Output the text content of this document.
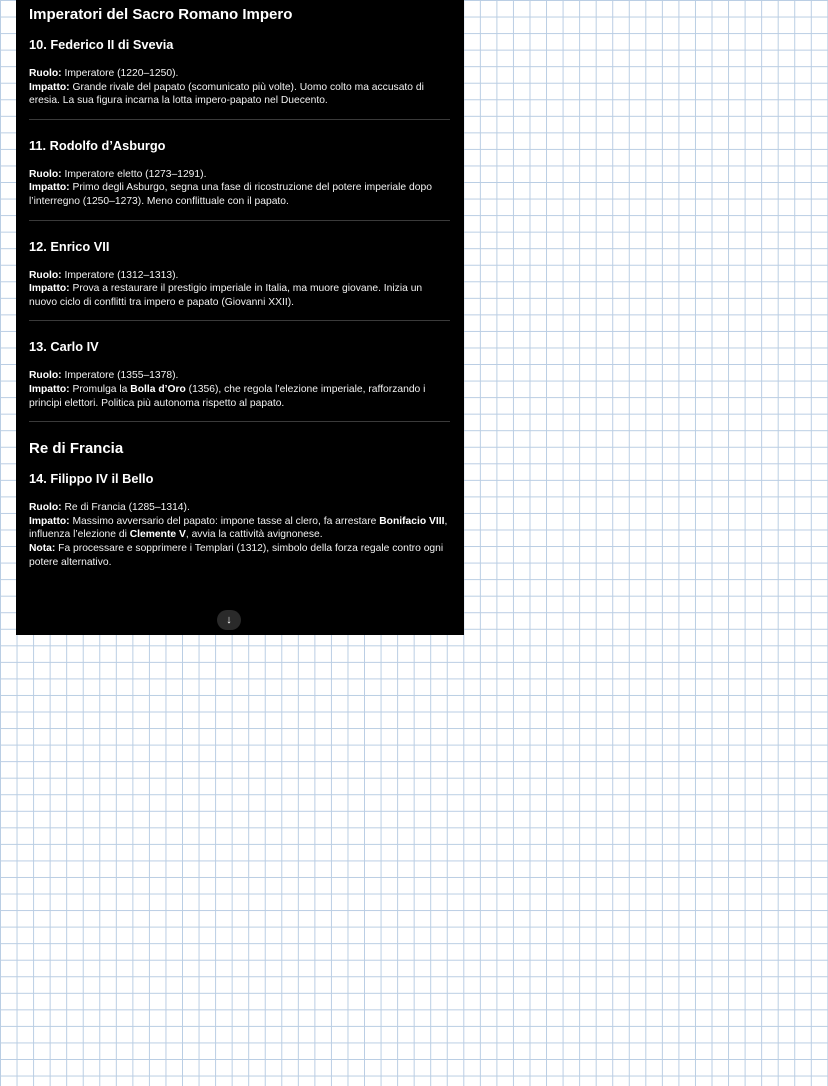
Imperatori del Sacro Romano Impero
10. Federico II di Svevia
Ruolo: Imperatore (1220–1250).
Impatto: Grande rivale del papato (scomunicato più volte). Uomo colto ma accusato di eresia. La sua figura incarna la lotta impero-papato nel Duecento.
11. Rodolfo d’Asburgo
Ruolo: Imperatore eletto (1273–1291).
Impatto: Primo degli Asburgo, segna una fase di ricostruzione del potere imperiale dopo l’interregno (1250–1273). Meno conflittuale con il papato.
12. Enrico VII
Ruolo: Imperatore (1312–1313).
Impatto: Prova a restaurare il prestigio imperiale in Italia, ma muore giovane. Inizia un nuovo ciclo di conflitti tra impero e papato (Giovanni XXII).
13. Carlo IV
Ruolo: Imperatore (1355–1378).
Impatto: Promulga la Bolla d’Oro (1356), che regola l’elezione imperiale, rafforzando i principi elettori. Politica più autonoma rispetto al papato.
Re di Francia
14. Filippo IV il Bello
Ruolo: Re di Francia (1285–1314).
Impatto: Massimo avversario del papato: impone tasse al clero, fa arrestare Bonifacio VIII, influenza l’elezione di Clemente V, avvia la cattività avignonese.
Nota: Fa processare e sopprimere i Templari (1312), simbolo della forza regale contro ogni potere alternativo.
↓
